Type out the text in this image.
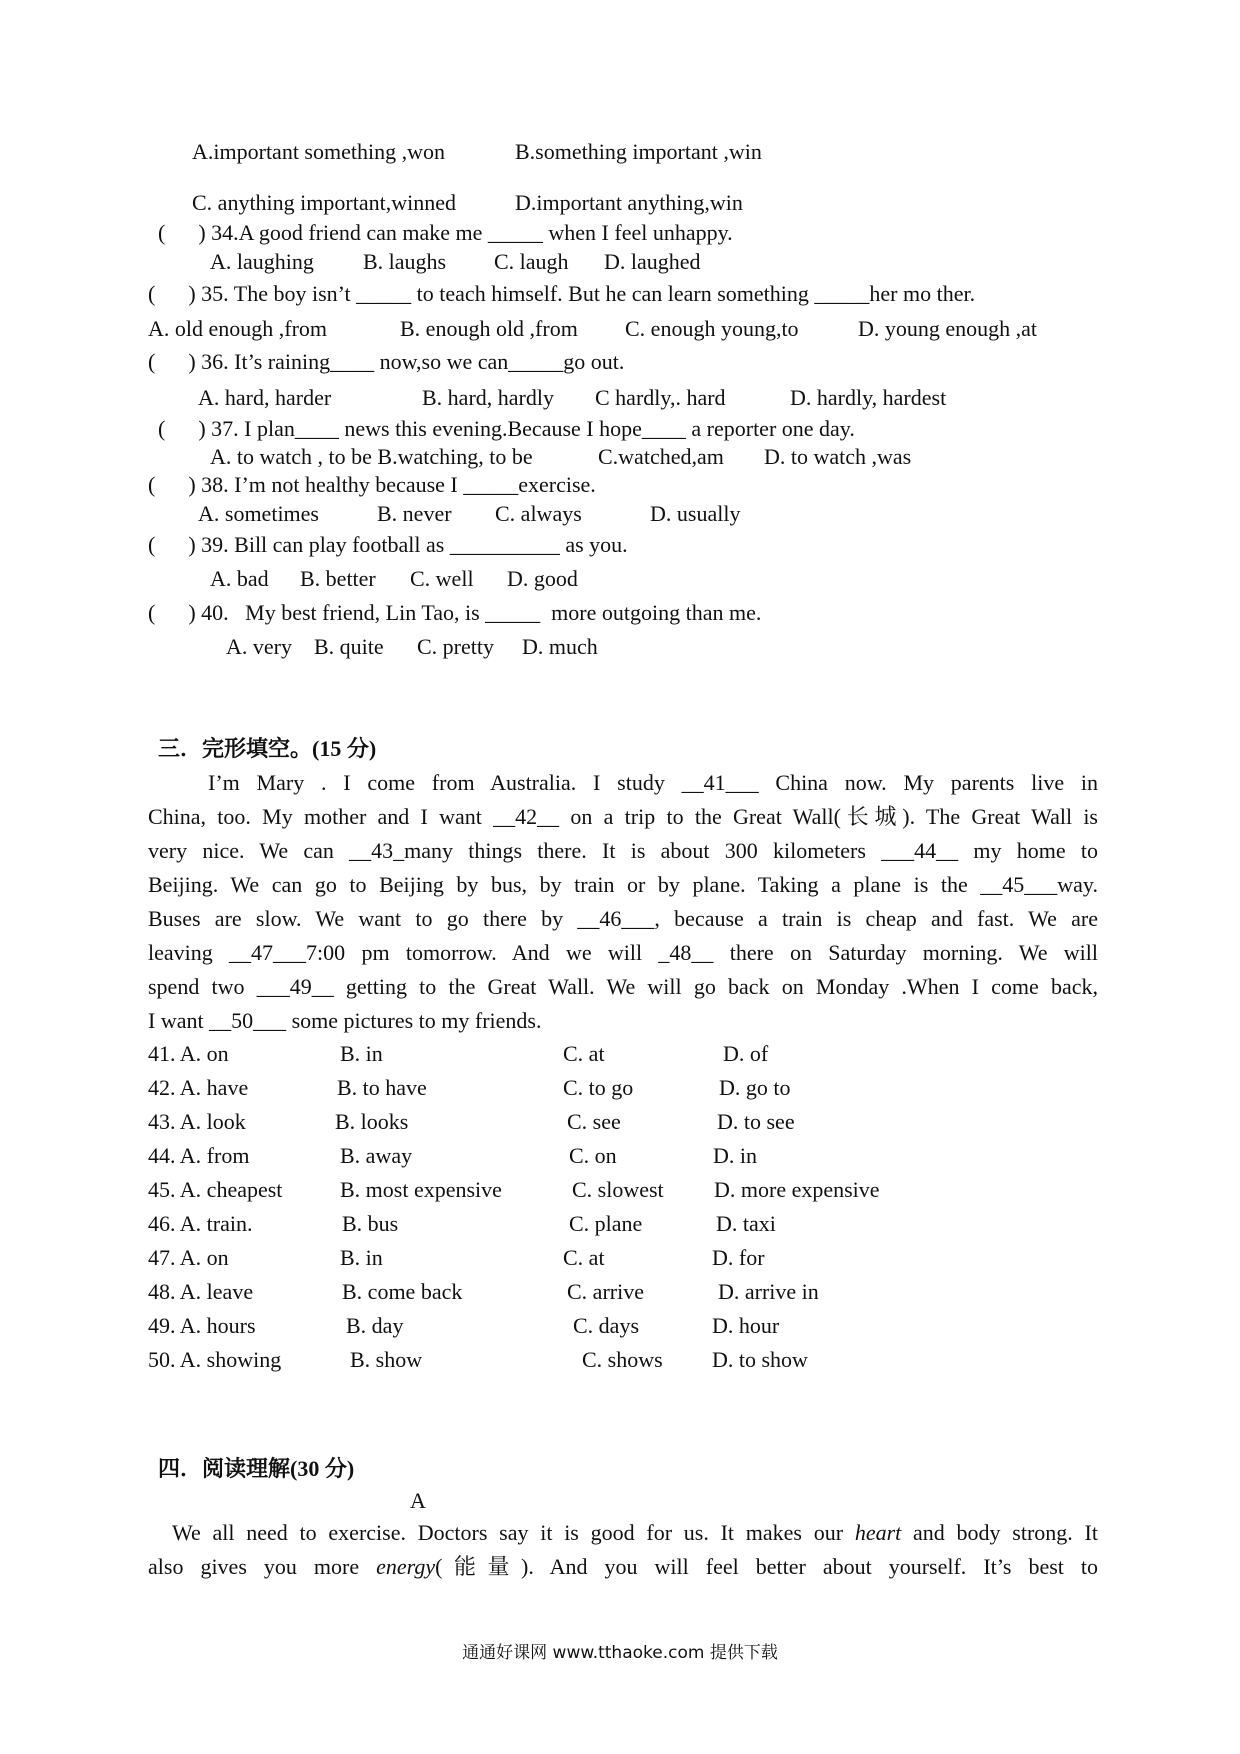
A.important something ,won	B.something important ,win
C. anything important,winned	D.important anything,win
(      ) 34.A good friend can make me _____ when I feel unhappy.
A. laughing B. laughs C. laugh D. laughed
(      ) 35. The boy isn’t _____ to teach himself. But he can learn something _____her mo ther.
A. old enough ,from	B. enough old ,from C. enough young,to	D. young enough ,at
(      ) 36. It’s raining____ now,so we can_____go out.
A. hard, harder	B. hard, hardly C hardly,. hard	D. hardly, hardest
(      ) 37. I plan____ news this evening.Because I hope____ a reporter one day.
A. to watch , to be B.watching, to be	C.watched,am D. to watch ,was
(      ) 38. I’m not healthy because I _____exercise.
A. sometimes	B. never C. always	D. usually
(      ) 39. Bill can play football as __________ as you.
A. bad B. better C. well D. good
(      ) 40.   My best friend, Lin Tao, is _____  more outgoing than me.
A. very B. quite C. pretty D. much
三．完形填空。(15 分)
I’m Mary . I come from Australia. I study __41___ China now. My parents live in
China, too. My mother and I want __42__ on a trip to the Great Wall(长城). The Great Wall is
very nice. We can __43_many things there. It is about 300 kilometers ___44__ my home to
Beijing. We can go to Beijing by bus, by train or by plane. Taking a plane is the __45___way.
Buses are slow. We want to go there by __46___, because a train is cheap and fast. We are
leaving __47___7:00 pm tomorrow. And we will _48__ there on Saturday morning. We will
spend two ___49__ getting to the Great Wall. We will go back on Monday .When I come back,
I want __50___ some pictures to my friends.
41. A. on	B. in	C. at	D. of
42. A. have	B. to have	C. to go	D. go to
43. A. look	B. looks	C. see	D. to see
44. A. from	B. away	C. on	D. in
45. A. cheapest	B. most expensive	C. slowest D. more expensive
46. A. train.	B. bus	C. plane	D. taxi
47. A. on	B. in	C. at	D. for
48. A. leave	B. come back	C. arrive	D. arrive in
49. A. hours	B. day	C. days	D. hour
50. A. showing	B. show	C. shows D. to show
四．阅读理解(30 分)
A
We all need to exercise. Doctors say it is good for us. It makes our heart and body strong. It
also gives you more energy(能量). And you will feel better about yourself. It’s best to
通通好课网 www.tthaoke.com 提供下载
